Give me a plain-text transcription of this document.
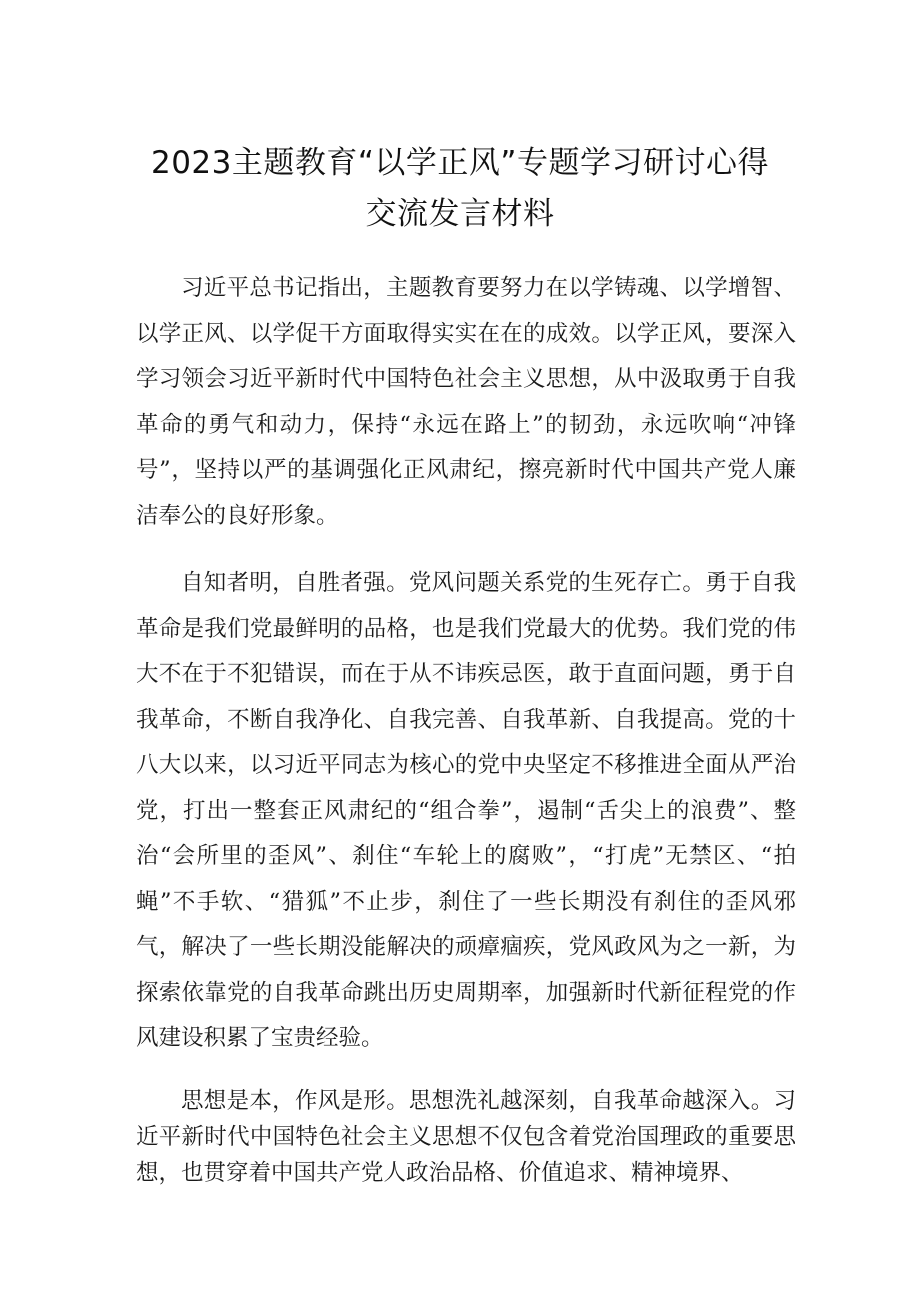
2023主题教育“以学正风”专题学习研讨心得
交流发言材料

习近平总书记指出，主题教育要努力在以学铸魂、以学增智、以学正风、以学促干方面取得实实在在的成效。以学正风，要深入学习领会习近平新时代中国特色社会主义思想，从中汲取勇于自我革命的勇气和动力，保持“永远在路上”的韧劲，永远吹响“冲锋号”，坚持以严的基调强化正风肃纪，擦亮新时代中国共产党人廉洁奉公的良好形象。

自知者明，自胜者强。党风问题关系党的生死存亡。勇于自我革命是我们党最鲜明的品格，也是我们党最大的优势。我们党的伟大不在于不犯错误，而在于从不讳疾忌医，敢于直面问题，勇于自我革命，不断自我净化、自我完善、自我革新、自我提高。党的十八大以来，以习近平同志为核心的党中央坚定不移推进全面从严治党，打出一整套正风肃纪的“组合拳”，遏制“舌尖上的浪费”、整治“会所里的歪风”、刹住“车轮上的腐败”，“打虎”无禁区、“拍蝇”不手软、“猎狐”不止步，刹住了一些长期没有刹住的歪风邪气，解决了一些长期没能解决的顽瘴痼疾，党风政风为之一新，为探索依靠党的自我革命跳出历史周期率，加强新时代新征程党的作风建设积累了宝贵经验。

思想是本，作风是形。思想洗礼越深刻，自我革命越深入。习近平新时代中国特色社会主义思想不仅包含着党治国理政的重要思想，也贯穿着中国共产党人政治品格、价值追求、精神境界、
